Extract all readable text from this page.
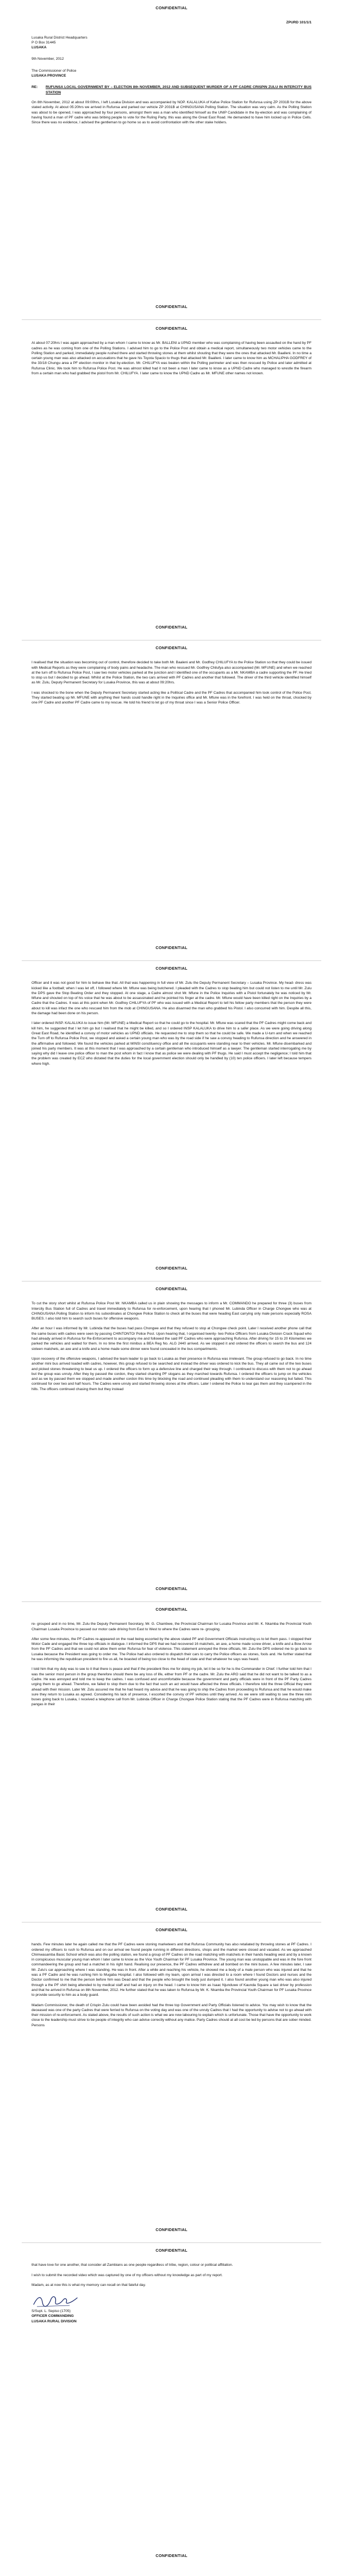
CONFIDENTIAL
ZPURD 101/1/1

Lusaka Rural District Headquarters

P O Box 31445

LUSAKA

9th November, 2012

The Commissioner of Police

LUSAKA PROVINCE

RE:	RUFUNSA LOCAL GOVERNMENT BY – ELECTION 8th NOVEMBER, 2012 AND SUBSEQUENT MURDER OF A PF CADRE CRISPIN ZULU IN INTERCITY BUS STATION

On 8th November, 2012 at about 09:00hrs, I left Lusaka Division and was accompanied by NOP. KALALUKA of Kafue Police Station for Rufunsa using ZP 2031B for the above stated activity. At about 05:20hrs we arrived in Rufunsa and parked our vehicle ZP 2031B at CHINGUSANA Polling Station. The situation was very calm. As the Polling Station was about to be opened, I was approached by four persons, amongst them was a man who identified himself as the UNIP Candidate in the by-election and was complaining of having found a man of PF cadre who was bribing people to vote for the Ruling Party, this was along the Great East Road. He demanded to have him locked up in Police Cells. Since there was no evidence, I advised the gentleman to go home so as to avoid confrontation with the other stake holders.

CONFIDENTIAL
CONFIDENTIAL

At about 07:20hrs I was again approached by a man whom I came to know as Mr. BALLENI a UPND member who was complaining of having been assaulted on the hand by PF cadres as he was coming from one of the Polling Stations. I advised him to go to the Police Post and obtain a medical report, simultaneously two motor vehicles came to the Polling Station and parked, immediately people rushed there and started throwing stones at them whilst shouting that they were the ones that attacked Mr. Baalleni. In no time a certain young man was also attacked on accusations that he gave his Toyota Spacio to thugs that attacked Mr. Baalleni. I later came to know him as MCHALIPHA GODFREY of the 33/18 Chungu area a PF election monitor in that by-election. Mr. CHILUFYA was beaten within the Polling perimeter and was then rescued by Police and later admitted at Rufunsa Clinic. We took him to Rufunsa Police Post. He was almost killed had it not been a man I later came to know as a UPND Cadre who managed to wrestle the firearm from a certain man who had grabbed the pistol from Mr. CHILUFYA. I later came to know the UPND Cadre as Mr. MFUNE other names not known.

CONFIDENTIAL
CONFIDENTIAL

I realised that the situation was becoming out of control, therefore decided to take both Mr. Baaleni and Mr. Godfrey CHILUFYA to the Police Station so that they could be issued with Medical Reports as they were complaining of body pains and headache. The man who rescued Mr. Godfrey Chilufya also accompanied (Mr. MFUNE) and when we reached at the turn off to Rufunsa Police Post, I saw two motor vehicles parked at the junction and I identified one of the occupants as a Mr. NKAMBA a cadre supporting the PF. He tried to stop us but I decided to go ahead. Whilst at the Police Station, the two cars arrived with PF Cadres and another that followed. The driver of the third vehicle identified himself as Mr. Zulu, Deputy Permanent Secretary for Lusaka Province, this was at about 09:20hrs.

I was shocked to the bone when the Deputy Permanent Secretary started acting like a Political Cadre and the PF Cadres that accompanied him took control of the Police Post. They started beating up Mr. MFUNE with anything their hands could handle right in the Inquiries office and Mr. Mfune was in the forefront. I was held on the throat, chocked by one PF Cadre and another PF Cadre came to my rescue. He told his friend to let go of my throat since I was a Senior Police Officer.

CONFIDENTIAL
CONFIDENTIAL

Officer and it was not good for him to behave like that. All that was happening in full view of Mr. Zulu the Deputy Permanent Secretary – Lusaka Province. My head- dress was kicked like a football; when I was let off, I followed where Mr. Mfune was being butchered. I pleaded with the Cadres to stop beating him but could not listen to me until Mr. Zulu the DPS gave the Stop Beating Order and they stopped. At one stage, a Cadre almost shot Mr. Mfune in the Police Inquiries with a Pistol fortunately he was noticed by Mr. Mfune and shouted on top of his voice that he was about to be assassinated and he pointed his finger at the cadre. Mr. Mfune would have been killed right on the Inquiries by a Cadre that the Cadres. It was at this point when Mr. Godfrey CHILUFYA of PF who was issued with a Medical Report to tell his fellow party members that the person they were about to kill was infact the one who rescued him from the mob at CHINGUSANA. He also disarmed the man who grabbed his Pistol. I also concurred with him. Despite all this, the damage had been done on his person.

I later ordered INSP. KALALUKA to issue him (Mr. MFUNE) a Medical Report so that he could go to the hospital. Mr. Mfune was scared that the PF Cadres might come back and kill him, he suggested that I let him go but I realised that he might be killed, and so I ordered INSP KALALUKA to drive him to a safer place. As we were going driving along Great East Road, he identified a convoy of motor vehicles as UPND officials. He requested me to stop them so that he could be safe. We made a U-turn and when we reached the Turn off to Rufunsa Police Post, we stopped and asked a certain young man who was by the road side if he saw a convoy heading to Rufunsa direction and he answered in the affirmative and followed. We found the vehicles parked at MINSI constituency office and all the occupants were standing near to their vehicles. Mr. Mfune disembarked and joined his party members. It was at this moment that I was approached by a certain gentleman who introduced himself as a lawyer. The gentleman started interrogating me by saying why did I leave one police officer to man the post whom in fact I know that as police we were dealing with PF thugs. He said I must accept the negligence; I told him that the problem was created by ECZ who dictated that the duties for the local government election should only be handled by (10) ten police officers. I later left because tempers where high.

CONFIDENTIAL
CONFIDENTIAL

To cut the story short whilst at Rufunsa Police Post Mr. NKAMBA called us in plain showing the messages to inform a Mr. COMMANDO he prepared for three (3) buses from Intercity Bus Station full of Cadres and travel immediately to Rufunsa for re-enforcement, upon hearing that I phoned Mr. Lubinda Officer in Charge Chongwe who was at CHINGUSANA Polling Station to inform his subordinates at Chongwe Police Station to check all the buses that were heading East carrying only male persons especially ROSA BUSES. I also told him to search such buses for offensive weapons.

After an hour I was informed by Mr. Lubinda that the buses had pass Chongwe and that they refused to stop at Chongwe check point. Later I received another phone call that the same buses with cadres were seen by passing CHINTONTO/ Police Post. Upon hearing that, I organised twenty- two Police Officers from Lusaka Division Crack Squad who had already arrived in Rufunsa for Re-Enforcement to accompany me and followed the said PF Cadres who were approaching Rufunsa. After driving for 15 to 20 Kilometres we parked the vehicles and waited for them. In no time the first minibus a BEA Reg No. ALG 2440 arrived. As we stopped it and ordered the officers to search the bus and 124 sixteen matchets, an axe and a knife and a home made some dinner were found concealed in the bus compartments.

Upon recovery of the offensive weapons, I advised the team leader to go back to Lusaka as their presence in Rufunsa was irrelevant. The group refused to go back. In no time another mini bus arrived loaded with cadres, however, this group refused to be searched and instead the driver was ordered to kick the bus. They all came out of the two buses and picked stones threatening to beat us up. I ordered the officers to form up a defensive line and charged their way through. I continued to discuss with them not to go ahead but the group was unruly. After they by passed the cordon, they started chanting PF slogans as they marched towards Rufunsa. I ordered the officers to jump on the vehicles and as we by passed them we stopped and made another cordon this time by blocking the road and continued pleading with them to understand our reasoning but failed. This continued for over two and half hours. The Cadres were unruly and started throwing stones at the officers. Later I ordered the Police to tear gas them and they scampered in the hills. The officers continued chasing them but they instead

CONFIDENTIAL
CONFIDENTIAL

re- grouped and in no time, Mr. Zulu the Deputy Permanent Secretary, Mr. G. Chambwe, the Provincial Chairman for Lusaka Province and Mr. K. Nkamba the Provincial Youth Chairman Lusaka Province to passed our motor cade driving from East to West to where the Cadres were re- grouping.

After some few minutes, the PF Cadres re-appeared on the road being escorted by the above stated PF and Government Officials instructing us to let them pass. I stopped their Motor Cade and engaged the three top officials in dialogue. I informed the DPS that we had recovered 16 matchets, an axe, a home made screw driver, a knife and a Bow Arrow from the PF Cadres and that we could not allow them enter Rufunsa for fear of violence. This statement annoyed the three officials, Mr. Zulu the DPS ordered me to go back to Lusaka because the President was going to order me. The Police had also ordered to dispatch their cars to carry the Police officers as stones, fools and. He further stated that he was informing the republican president to fire us all, he boasted of being too close to the head of state and that whatever he says was heard.

I told him that my duty was to see to it that there is peace and that if the president fires me for doing my job, let it be so for he is the Commander in Chief. I further told him that I was the senior most person in the group therefore should there be any loss of life, either from PF or the cadre. Mr. Zulu the ARO said that he did not want to be talked to as a Cadre. He was annoyed and told me to keep the cadres. I was confused and uncomfortable because the government and party officials were in front of the PF Party Cadres urging them to go ahead. Therefore, we failed to stop them due to the fact that such an act would have affected the three officials. I therefore told the three Official they went ahead with their mission. Later Mr. Zulu assured me that he had heard my advice and that he was going to ship the Cadres from proceeding to Rufunsa and that he would make sure they return to Lusaka as agreed. Considering his lack of presence, I escorted the convoy of PF vehicles until they arrived. As we were still waiting to see the three mini buses going back to Lusaka, I received a telephone call from Mr. Lubinda Officer in Charge Chongwe Police Station stating that the PF Cadres were in Rufunsa matching with pangas in their

CONFIDENTIAL
CONFIDENTIAL

hands. Few minutes later he again called me that the PF Cadres were stoning marketeers and that Rufunsa Community has also retaliated by throwing stones at PF Cadres. I ordered my officers to rush to Rufunsa and on our arrival we found people running in different directions, shops and the market were closed and vacated. As we approached Chimwasamba Basic School which was also the polling station, we found a group of PF Cadres on the road matching with matchets in their hands heading west and by a known in conspicuous muscular young man whom I later came to know as the Vice Youth Chairman for PF Lusaka Province. The young man was unstoppable and was in the fore front commandeering the group and had a matchet in his right hand. Realising our presence, the PF Cadres withdrew and all bombed on the mini buses. A few minutes later, I saw Mr. Zulu's car approaching where I was standing. He was in front. After a while and reaching his vehicle, he showed me a body of a male person who was injured and that he was a PF Cadre and he was rushing him to Mugaba Hospital. I also followed with my team, upon arrival I was directed to a room where I found Doctors and nurses and the Doctor confirmed to me that the person before him was Dead and that the people who brought the body just dumped it. I also found another young man who was also injured through a the PF shirt being attended to by medical staff and had an injury on the head. I came to know him as Isaac Njunduwe of Kaunda Square a taxi driver by profession and that he arrived in Rufunsa on 8th November, 2012. He further stated that he was taken to Rufunsa by Mr. K. Nkamba the Provincial Youth Chairman for PF Lusaka Province to provide security to him as a body guard.

Madam Commissioner, the death of Crispin Zulu could have been avoided had the three top Government and Party Officials listened to advice. You may wish to know that the deceased was one of the party Cadres that were ferried to Rufunsa on the voting day and was one of the unruly Cadres that I had the opportunity to advise not to go ahead with their mission of re-enforcement. As stated above, the results of such action is what we are now labouring to explain which is unfortunate. Those that have the opportunity to work close to the leadership must strive to be people of integrity who can advise correctly without any malice. Party Cadres should at all cost be led by persons that are sober minded. Persons

CONFIDENTIAL
CONFIDENTIAL

that have love for one another, that consider all Zambians as one people regardless of tribe, region, colour or political affiliation.

I wish to submit the recorded video which was captured by one of my officers without my knowledge as part of my report.

Madam, as at now this is what my memory can recall on that fateful day.

S/Supt. L. Sepiso (1705)

OFFICER COMMANDING

LUSAKA RURAL DIVISION

CONFIDENTIAL
